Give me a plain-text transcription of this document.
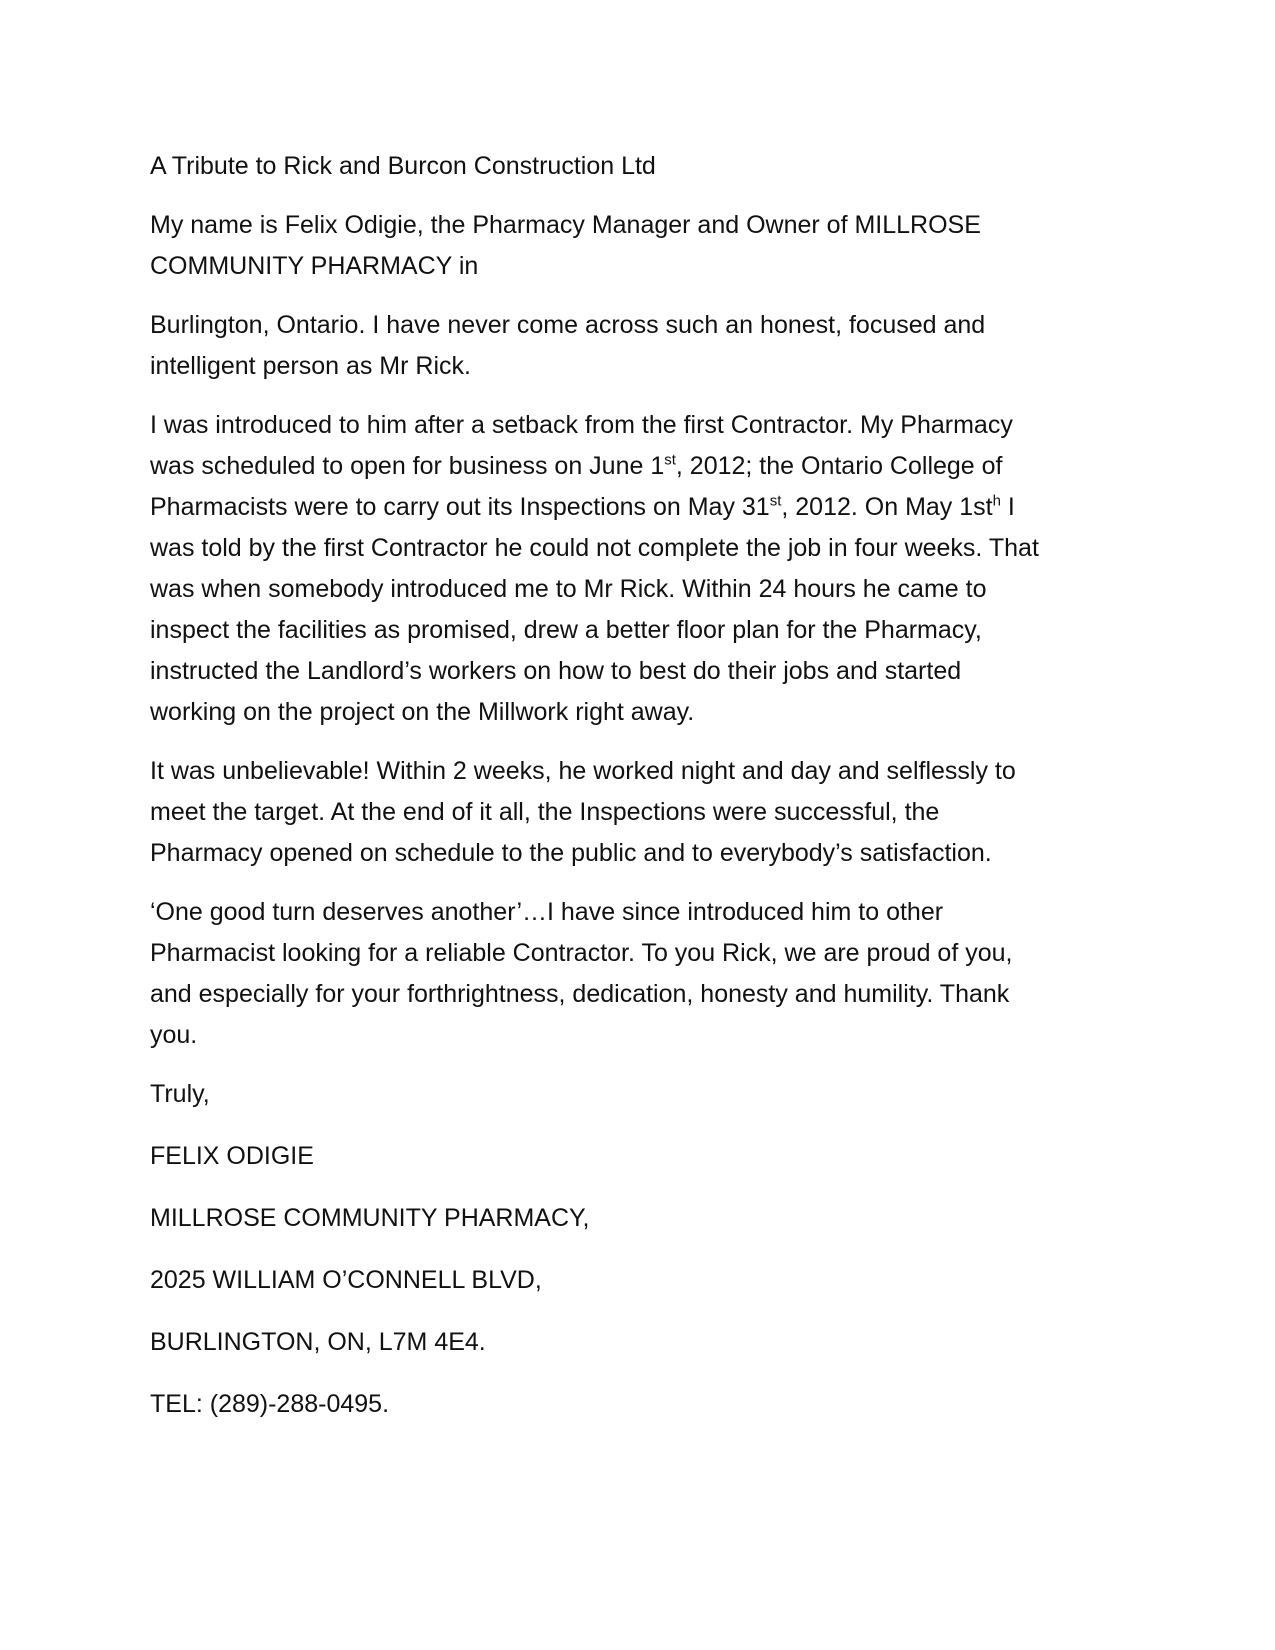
A Tribute to Rick and Burcon Construction Ltd

My name is Felix Odigie, the Pharmacy Manager and Owner of MILLROSE

COMMUNITY PHARMACY in

Burlington, Ontario. I have never come across such an honest, focused and

intelligent person as Mr Rick.

I was introduced to him after a setback from the first Contractor. My Pharmacy

was scheduled to open for business on June 1st, 2012; the Ontario College of

Pharmacists were to carry out its Inspections on May 31st, 2012. On May $1st^h$ I

was told by the first Contractor he could not complete the job in four weeks. That

was when somebody introduced me to Mr Rick. Within 24 hours he came to

inspect the facilities as promised, drew a better floor plan for the Pharmacy,

instructed the Landlord’s workers on how to best do their jobs and started

working on the project on the Millwork right away.

It was unbelievable! Within 2 weeks, he worked night and day and selflessly to

meet the target. At the end of it all, the Inspections were successful, the

Pharmacy opened on schedule to the public and to everybody’s satisfaction.

‘One good turn deserves another’…I have since introduced him to other

Pharmacist looking for a reliable Contractor. To you Rick, we are proud of you,

and especially for your forthrightness, dedication, honesty and humility. Thank

you.

Truly,

FELIX ODIGIE

MILLROSE COMMUNITY PHARMACY,

2025 WILLIAM O’CONNELL BLVD,

BURLINGTON, ON, L7M 4E4.

TEL: (289)-288-0495.
